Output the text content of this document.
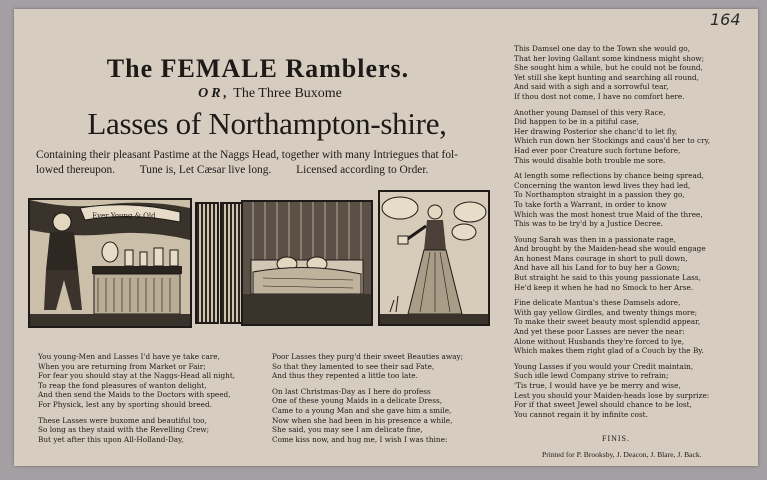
164
The FEMALE Ramblers.
OR, The Three Buxome
Lasses of Northampton-shire,
Containing their pleasant Pastime at the Naggs Head, together with many Intriegues that fol-
lowed thereupon. Tune is, Let Cæsar live long. Licensed according to Order.
Ever Young & Old
You young-Men and Lasses I'd have ye take care,
When you are returning from Market or Fair;
For fear you should stay at the Naggs-Head all night,
To reap the fond pleasures of wanton delight,
And then send the Maids to the Doctors with speed,
For Physick, lest any by sporting should breed.
These Lasses were buxome and beautiful too,
So long as they staid with the Revelling Crew;
But yet after this upon All-Holland-Day,
Poor Lasses they purg'd their sweet Beauties away;
So that they lamented to see their sad Fate,
And thus they repented a little too late.
On last Christmas-Day as I here do profess
One of these young Maids in a delicate Dress,
Came to a young Man and she gave him a smile,
Now when she had been in his presence a while,
She said, you may see I am delicate fine,
Come kiss now, and hug me, I wish I was thine:
This Damsel one day to the Town she would go,
That her loving Gallant some kindness might show;
She sought him a while, but he could not be found,
Yet still she kept hunting and searching all round,
And said with a sigh and a sorrowful tear,
If thou dost not come, I have no comfort here.
Another young Damsel of this very Race,
Did happen to be in a pitiful case,
Her drawing Posterior she chanc'd to let fly,
Which run down her Stockings and caus'd her to cry,
Had ever poor Creature such fortune before,
This would disable both trouble me sore.
At length some reflections by chance being spread,
Concerning the wanton lewd lives they had led,
To Northampton straight in a passion they go,
To take forth a Warrant, in order to know
Which was the most honest true Maid of the three,
This was to be try'd by a Justice Decree.
Young Sarah was then in a passionate rage,
And brought by the Maiden-head she would engage
An honest Mans courage in short to pull down,
And have all his Land for to buy her a Gown;
But straight he said to this young passionate Lass,
He'd keep it when he had no Smock to her Arse.
Fine delicate Mantua's these Damsels adore,
With gay yellow Girdles, and twenty things more;
To make their sweet beauty most splendid appear,
And yet these poor Lasses are never the near:
Alone without Husbands they're forced to lye,
Which makes them right glad of a Couch by the By.
Young Lasses if you would your Credit maintain,
Such idle lewd Company strive to refrain;
'Tis true, I would have ye be merry and wise,
Lest you should your Maiden-heads lose by surprize:
For if that sweet Jewel should chance to be lost,
You cannot regain it by infinite cost.
FINIS.
Printed for P. Brooksby, J. Deacon, J. Blare, J. Back.
